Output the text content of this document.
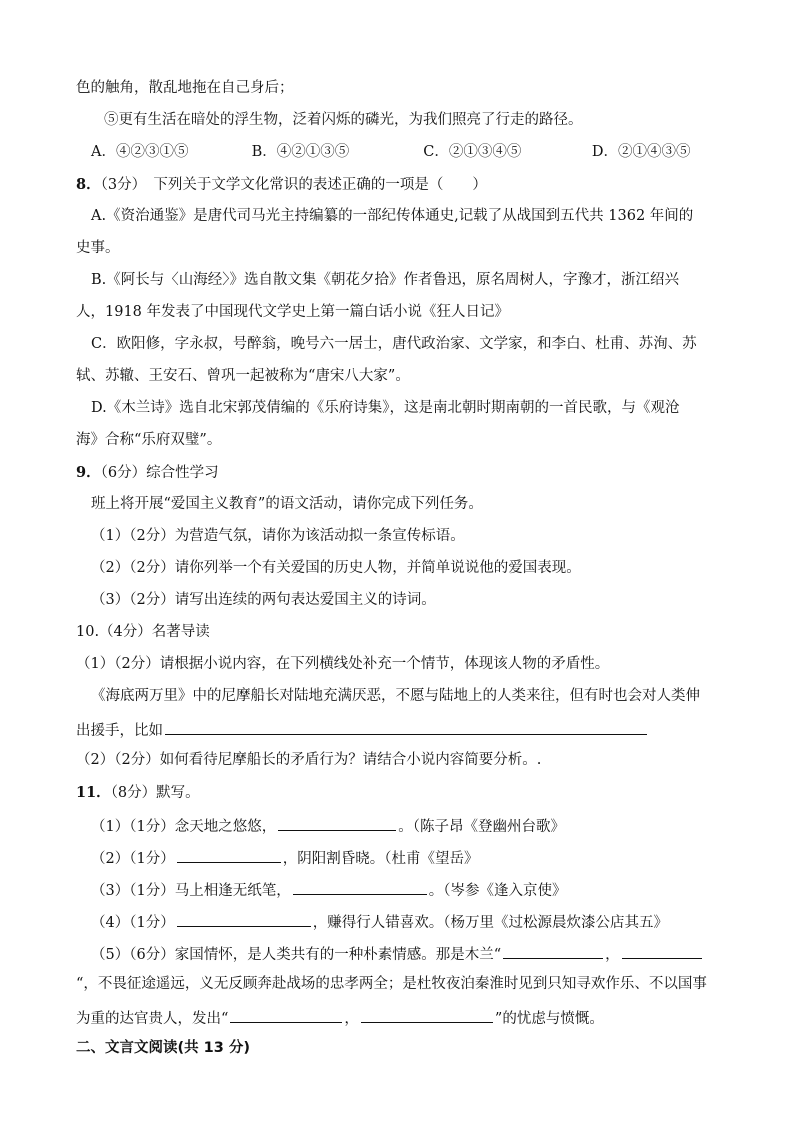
色的触角，散乱地拖在自己身后；
⑤更有生活在暗处的浮生物，泛着闪烁的磷光，为我们照亮了行走的路径。
A．④②③①⑤	B．④②①③⑤	C．②①③④⑤	D．②①④③⑤
8．（3分）　下列关于文学文化常识的表述正确的一项是（　　）
A.《资治通鉴》是唐代司马光主持编纂的一部纪传体通史,记载了从战国到五代共 1362 年间的
史事。
B.《阿长与〈山海经〉》选自散文集《朝花夕拾》作者鲁迅，原名周树人，字豫才，浙江绍兴
人，1918 年发表了中国现代文学史上第一篇白话小说《狂人日记》
C．欧阳修，字永叔，号醉翁，晚号六一居士，唐代政治家、文学家，和李白、杜甫、苏洵、苏
轼、苏辙、王安石、曾巩一起被称为“唐宋八大家”。
D.《木兰诗》选自北宋郭茂倩编的《乐府诗集》，这是南北朝时期南朝的一首民歌，与《观沧
海》合称“乐府双璧”。
9．（6分）综合性学习
班上将开展“爱国主义教育”的语文活动，请你完成下列任务。
（1）（2分）为营造气氛，请你为该活动拟一条宣传标语。
（2）（2分）请你列举一个有关爱国的历史人物，并简单说说他的爱国表现。
（3）（2分）请写出连续的两句表达爱国主义的诗词。
10.（4分）名著导读
（1）（2分）请根据小说内容，在下列横线处补充一个情节，体现该人物的矛盾性。
《海底两万里》中的尼摩船长对陆地充满厌恶，不愿与陆地上的人类来往，但有时也会对人类伸
出援手，比如
（2）（2分）如何看待尼摩船长的矛盾行为？请结合小说内容简要分析。.
11．（8分）默写。
（1）（1分）念天地之悠悠，	。（陈子昂《登幽州台歌》
（2）（1分）	，阴阳割昏晓。（杜甫《望岳》
（3）（1分）马上相逢无纸笔，	。（岑参《逢入京使》
（4）（1分）	，赚得行人错喜欢。（杨万里《过松源晨炊漆公店其五》
（5）（6分）家国情怀，是人类共有的一种朴素情感。那是木兰“	，
“，不畏征途遥远，义无反顾奔赴战场的忠孝两全；是杜牧夜泊秦淮时见到只知寻欢作乐、不以国事
为重的达官贵人，发出“	，	”的忧虑与愤慨。
二、文言文阅读(共 13 分)
